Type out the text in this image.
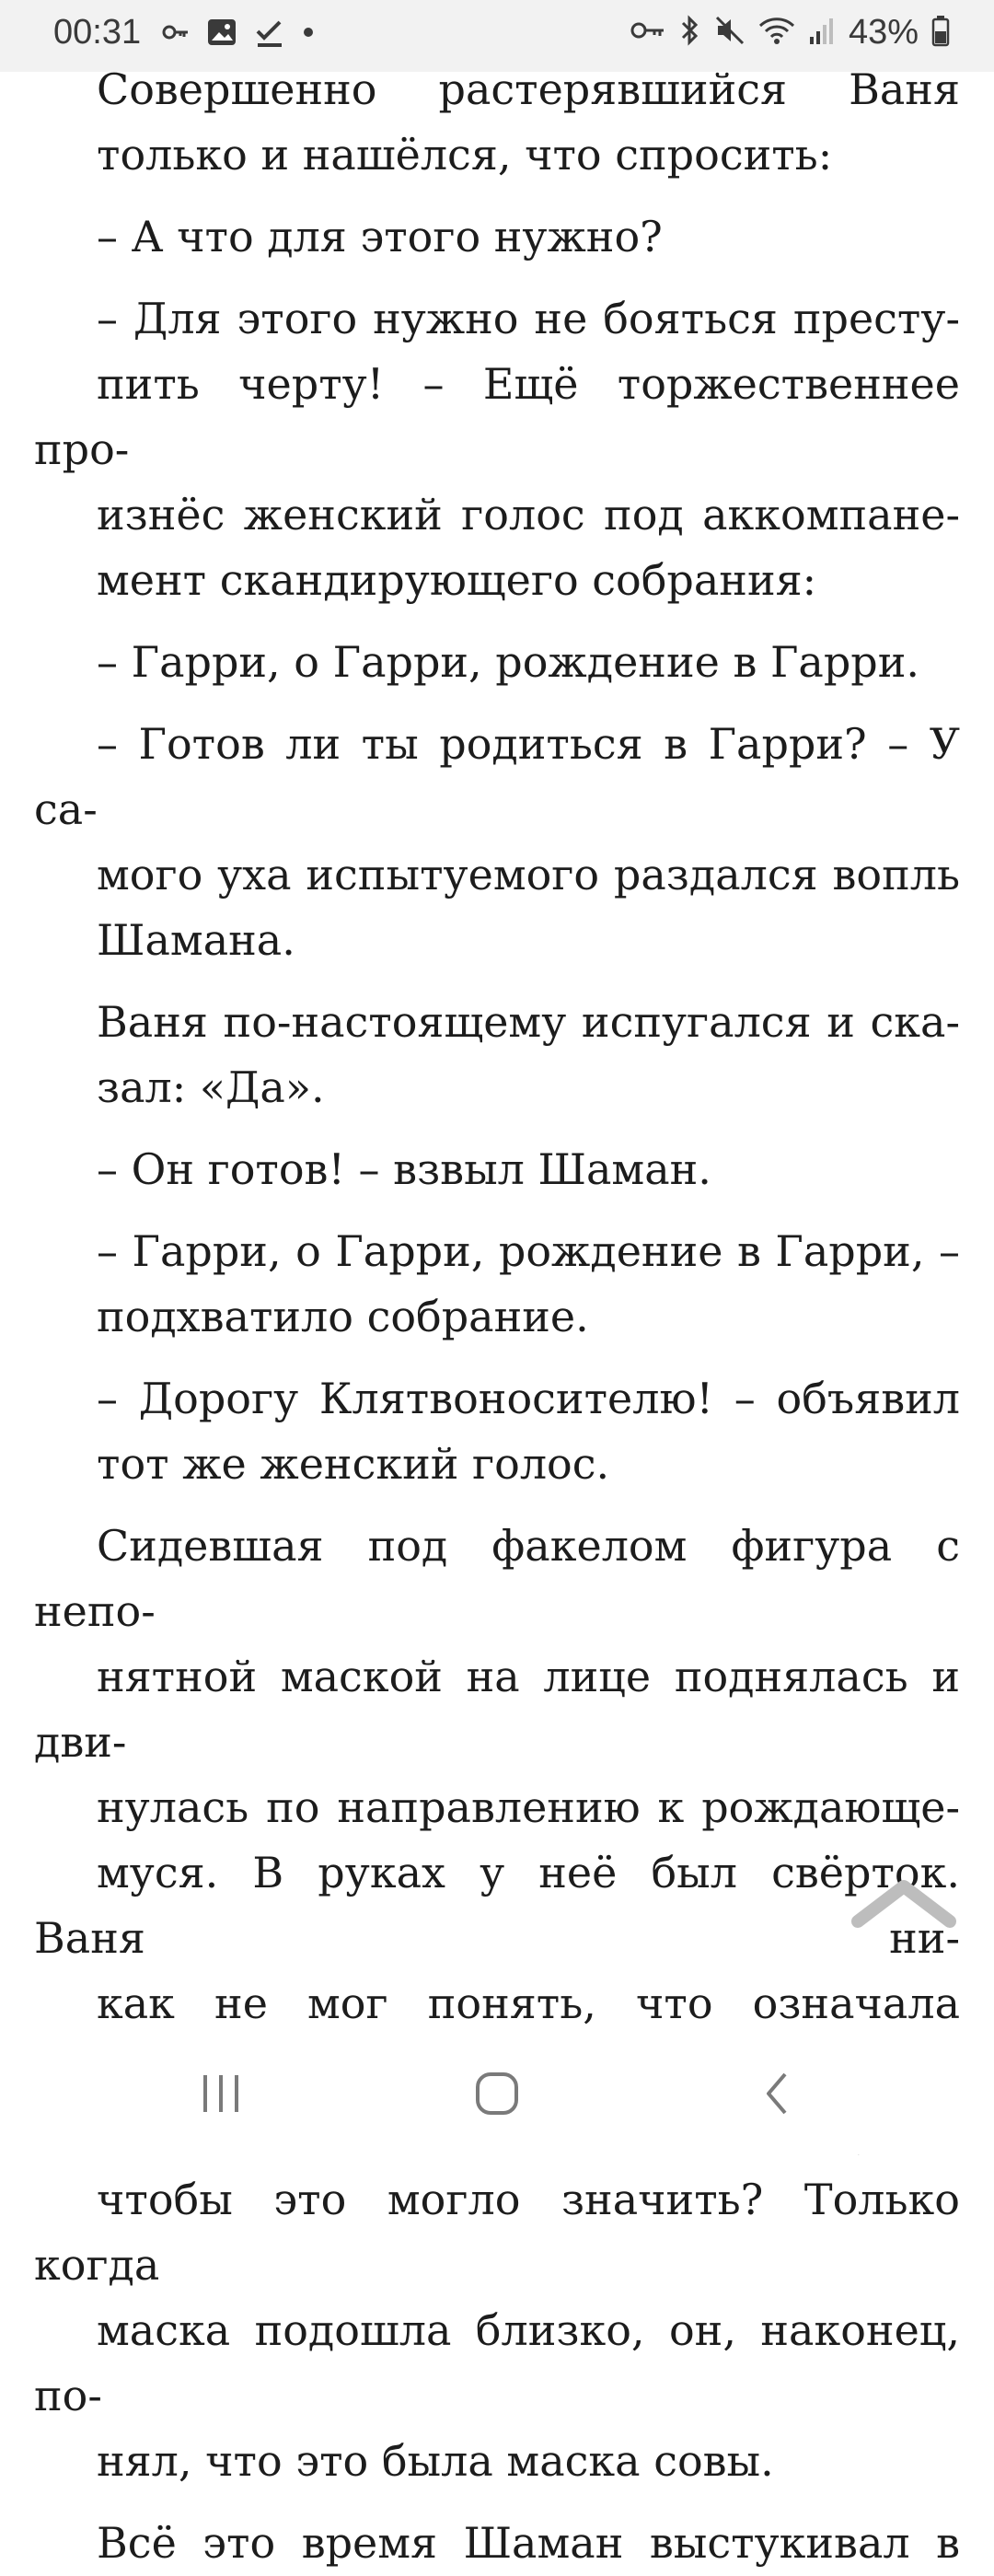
00:31	43%

Совершенно растерявшийся Ваня
только и нашёлся, что спросить:

– А что для этого нужно?

– Для этого нужно не бояться престу-
пить черту! – Ещё торжественнее про-
изнёс женский голос под аккомпане-
мент скандирующего собрания:

– Гарри, о Гарри, рождение в Гарри.

– Готов ли ты родиться в Гарри? – У са-
мого уха испытуемого раздался вопль
Шамана.

Ваня по-настоящему испугался и ска-
зал: «Да».

– Он готов! – взвыл Шаман.

– Гарри, о Гарри, рождение в Гарри, –
подхватило собрание.

– Дорогу Клятвоносителю! – объявил
тот же женский голос.

Сидевшая под факелом фигура с непо-
нятной маской на лице поднялась и дви-
нулась по направлению к рождающе-
муся. В руках у неё был свёрток. Ваня ни-
как не мог понять, что означала
чтобы это могло значить? Только когда
маска подошла близко, он, наконец, по-
нял, что это была маска совы.

Всё это время Шаман выстукивал в
